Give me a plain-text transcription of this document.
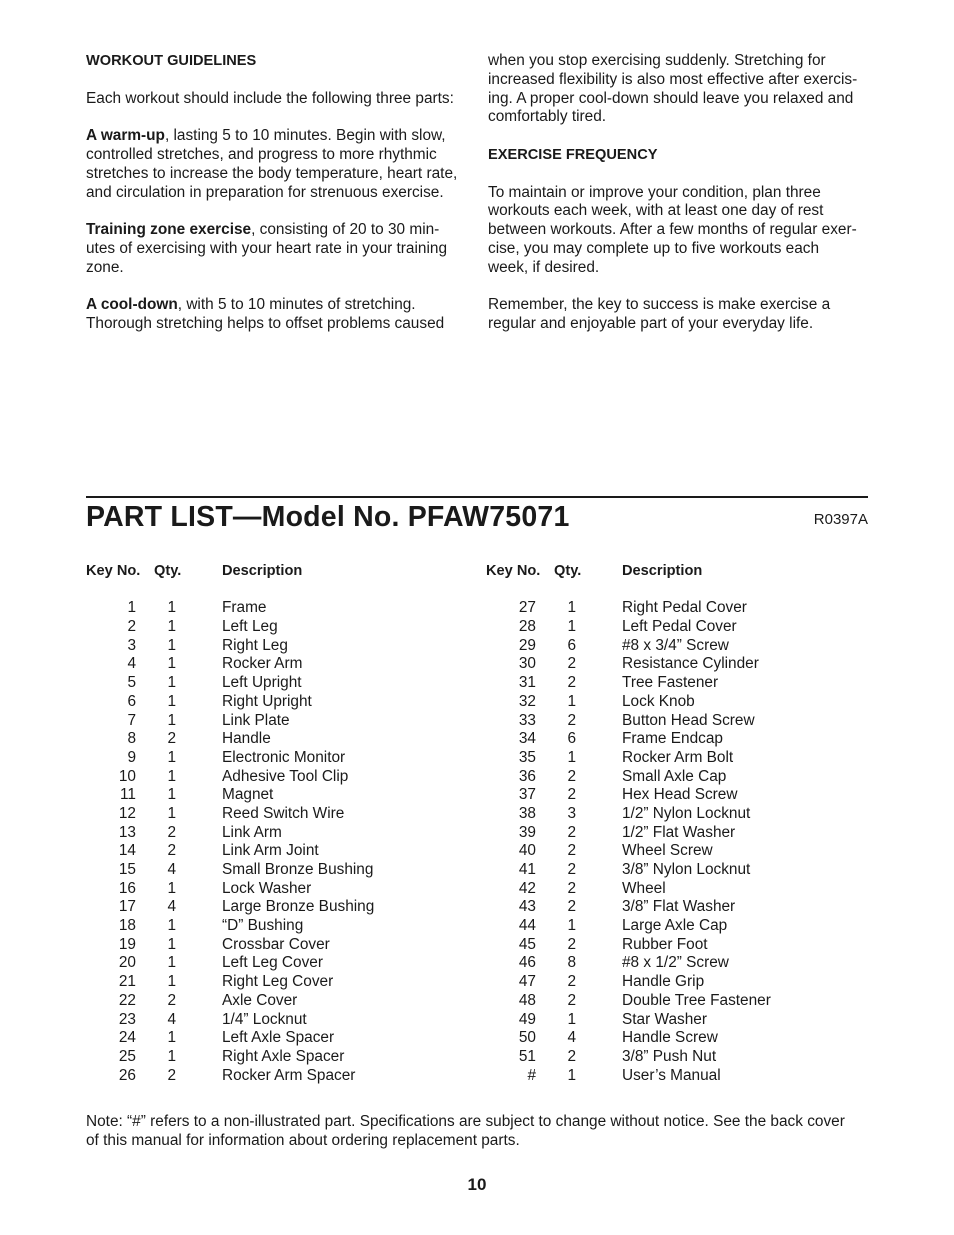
WORKOUT GUIDELINES

Each workout should include the following three parts:

A warm-up, lasting 5 to 10 minutes. Begin with slow,
controlled stretches, and progress to more rhythmic
stretches to increase the body temperature, heart rate,
and circulation in preparation for strenuous exercise.

Training zone exercise, consisting of 20 to 30 min-
utes of exercising with your heart rate in your training
zone.

A cool-down, with 5 to 10 minutes of stretching.
Thorough stretching helps to offset problems caused

when you stop exercising suddenly. Stretching for
increased flexibility is also most effective after exercis-
ing. A proper cool-down should leave you relaxed and
comfortably tired.

EXERCISE FREQUENCY

To maintain or improve your condition, plan three
workouts each week, with at least one day of rest
between workouts. After a few months of regular exer-
cise, you may complete up to five workouts each
week, if desired.

Remember, the key to success is make exercise a
regular and enjoyable part of your everyday life.

PART LIST—Model No. PFAW75071	R0397A
Key No. Qty.	Description
1	1	Frame
2	1	Left Leg
3	1	Right Leg
4	1	Rocker Arm
5	1	Left Upright
6	1	Right Upright
7	1	Link Plate
8	2	Handle
9	1	Electronic Monitor
10	1	Adhesive Tool Clip
11	1	Magnet
12	1	Reed Switch Wire
13	2	Link Arm
14	2	Link Arm Joint
15	4	Small Bronze Bushing
16	1	Lock Washer
17	4	Large Bronze Bushing
18	1	“D” Bushing
19	1	Crossbar Cover
20	1	Left Leg Cover
21	1	Right Leg Cover
22	2	Axle Cover
23	4	1/4” Locknut
24	1	Left Axle Spacer
25	1	Right Axle Spacer
26	2	Rocker Arm Spacer
Key No. Qty.	Description
27	1	Right Pedal Cover
28	1	Left Pedal Cover
29	6	#8 x 3/4” Screw
30	2	Resistance Cylinder
31	2	Tree Fastener
32	1	Lock Knob
33	2	Button Head Screw
34	6	Frame Endcap
35	1	Rocker Arm Bolt
36	2	Small Axle Cap
37	2	Hex Head Screw
38	3	1/2” Nylon Locknut
39	2	1/2” Flat Washer
40	2	Wheel Screw
41	2	3/8” Nylon Locknut
42	2	Wheel
43	2	3/8” Flat Washer
44	1	Large Axle Cap
45	2	Rubber Foot
46	8	#8 x 1/2” Screw
47	2	Handle Grip
48	2	Double Tree Fastener
49	1	Star Washer
50	4	Handle Screw
51	2	3/8” Push Nut
#	1	User’s Manual
Note: “#” refers to a non-illustrated part. Specifications are subject to change without notice. See the back cover
of this manual for information about ordering replacement parts.
10
